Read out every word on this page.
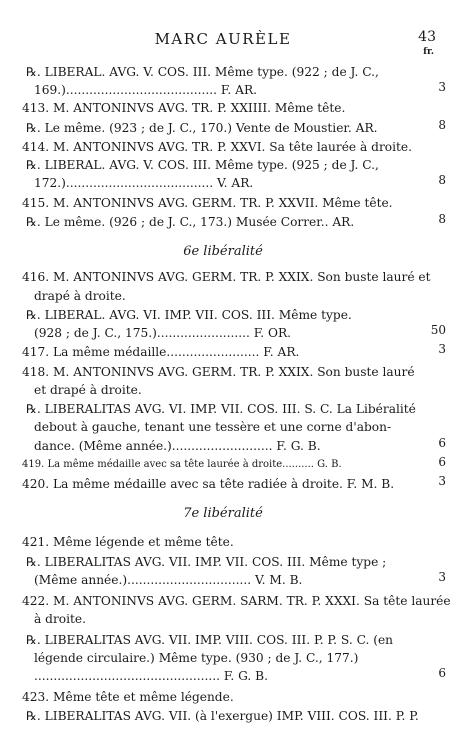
MARC AURÈLE	43
fr.
℞. LIBERAL. AVG. V. COS. III. Même type. (922 ; de J. C.,
169.)....................................... F. AR.	3
413. M. ANTONINVS AVG. TR. P. XXIIII. Même tête.
℞. Le même. (923 ; de J. C., 170.) Vente de Moustier. AR.	8
414. M. ANTONINVS AVG. TR. P. XXVI. Sa tête laurée à droite.
℞. LIBERAL. AVG. V. COS. III. Même type. (925 ; de J. C.,
172.)...................................... V. AR.	8
415. M. ANTONINVS AVG. GERM. TR. P. XXVII. Même tête.
℞. Le même. (926 ; de J. C., 173.) Musée Correr.. AR.	8
6e libéralité
416. M. ANTONINVS AVG. GERM. TR. P. XXIX. Son buste lauré et
drapé à droite.
℞. LIBERAL. AVG. VI. IMP. VII. COS. III. Même type.
(928 ; de J. C., 175.)........................ F. OR.	50
417. La même médaille........................ F. AR.	3
418. M. ANTONINVS AVG. GERM. TR. P. XXIX. Son buste lauré
et drapé à droite.
℞. LIBERALITAS AVG. VI. IMP. VII. COS. III. S. C. La Libéralité
debout à gauche, tenant une tessère et une corne d'abon-
dance. (Même année.).......................... F. G. B.	6
419. La même médaille avec sa tête laurée à droite.......... G. B.	6
420. La même médaille avec sa tête radiée à droite. F. M. B.	3
7e libéralité
421. Même légende et même tête.
℞. LIBERALITAS AVG. VII. IMP. VII. COS. III. Même type ;
(Même année.)................................ V. M. B.	3
422. M. ANTONINVS AVG. GERM. SARM. TR. P. XXXI. Sa tête laurée
à droite.
℞. LIBERALITAS AVG. VII. IMP. VIII. COS. III. P. P. S. C. (en
légende circulaire.) Même type. (930 ; de J. C., 177.)
................................................ F. G. B.	6
423. Même tête et même légende.
℞. LIBERALITAS AVG. VII. (à l'exergue) IMP. VIII. COS. III. P. P.
